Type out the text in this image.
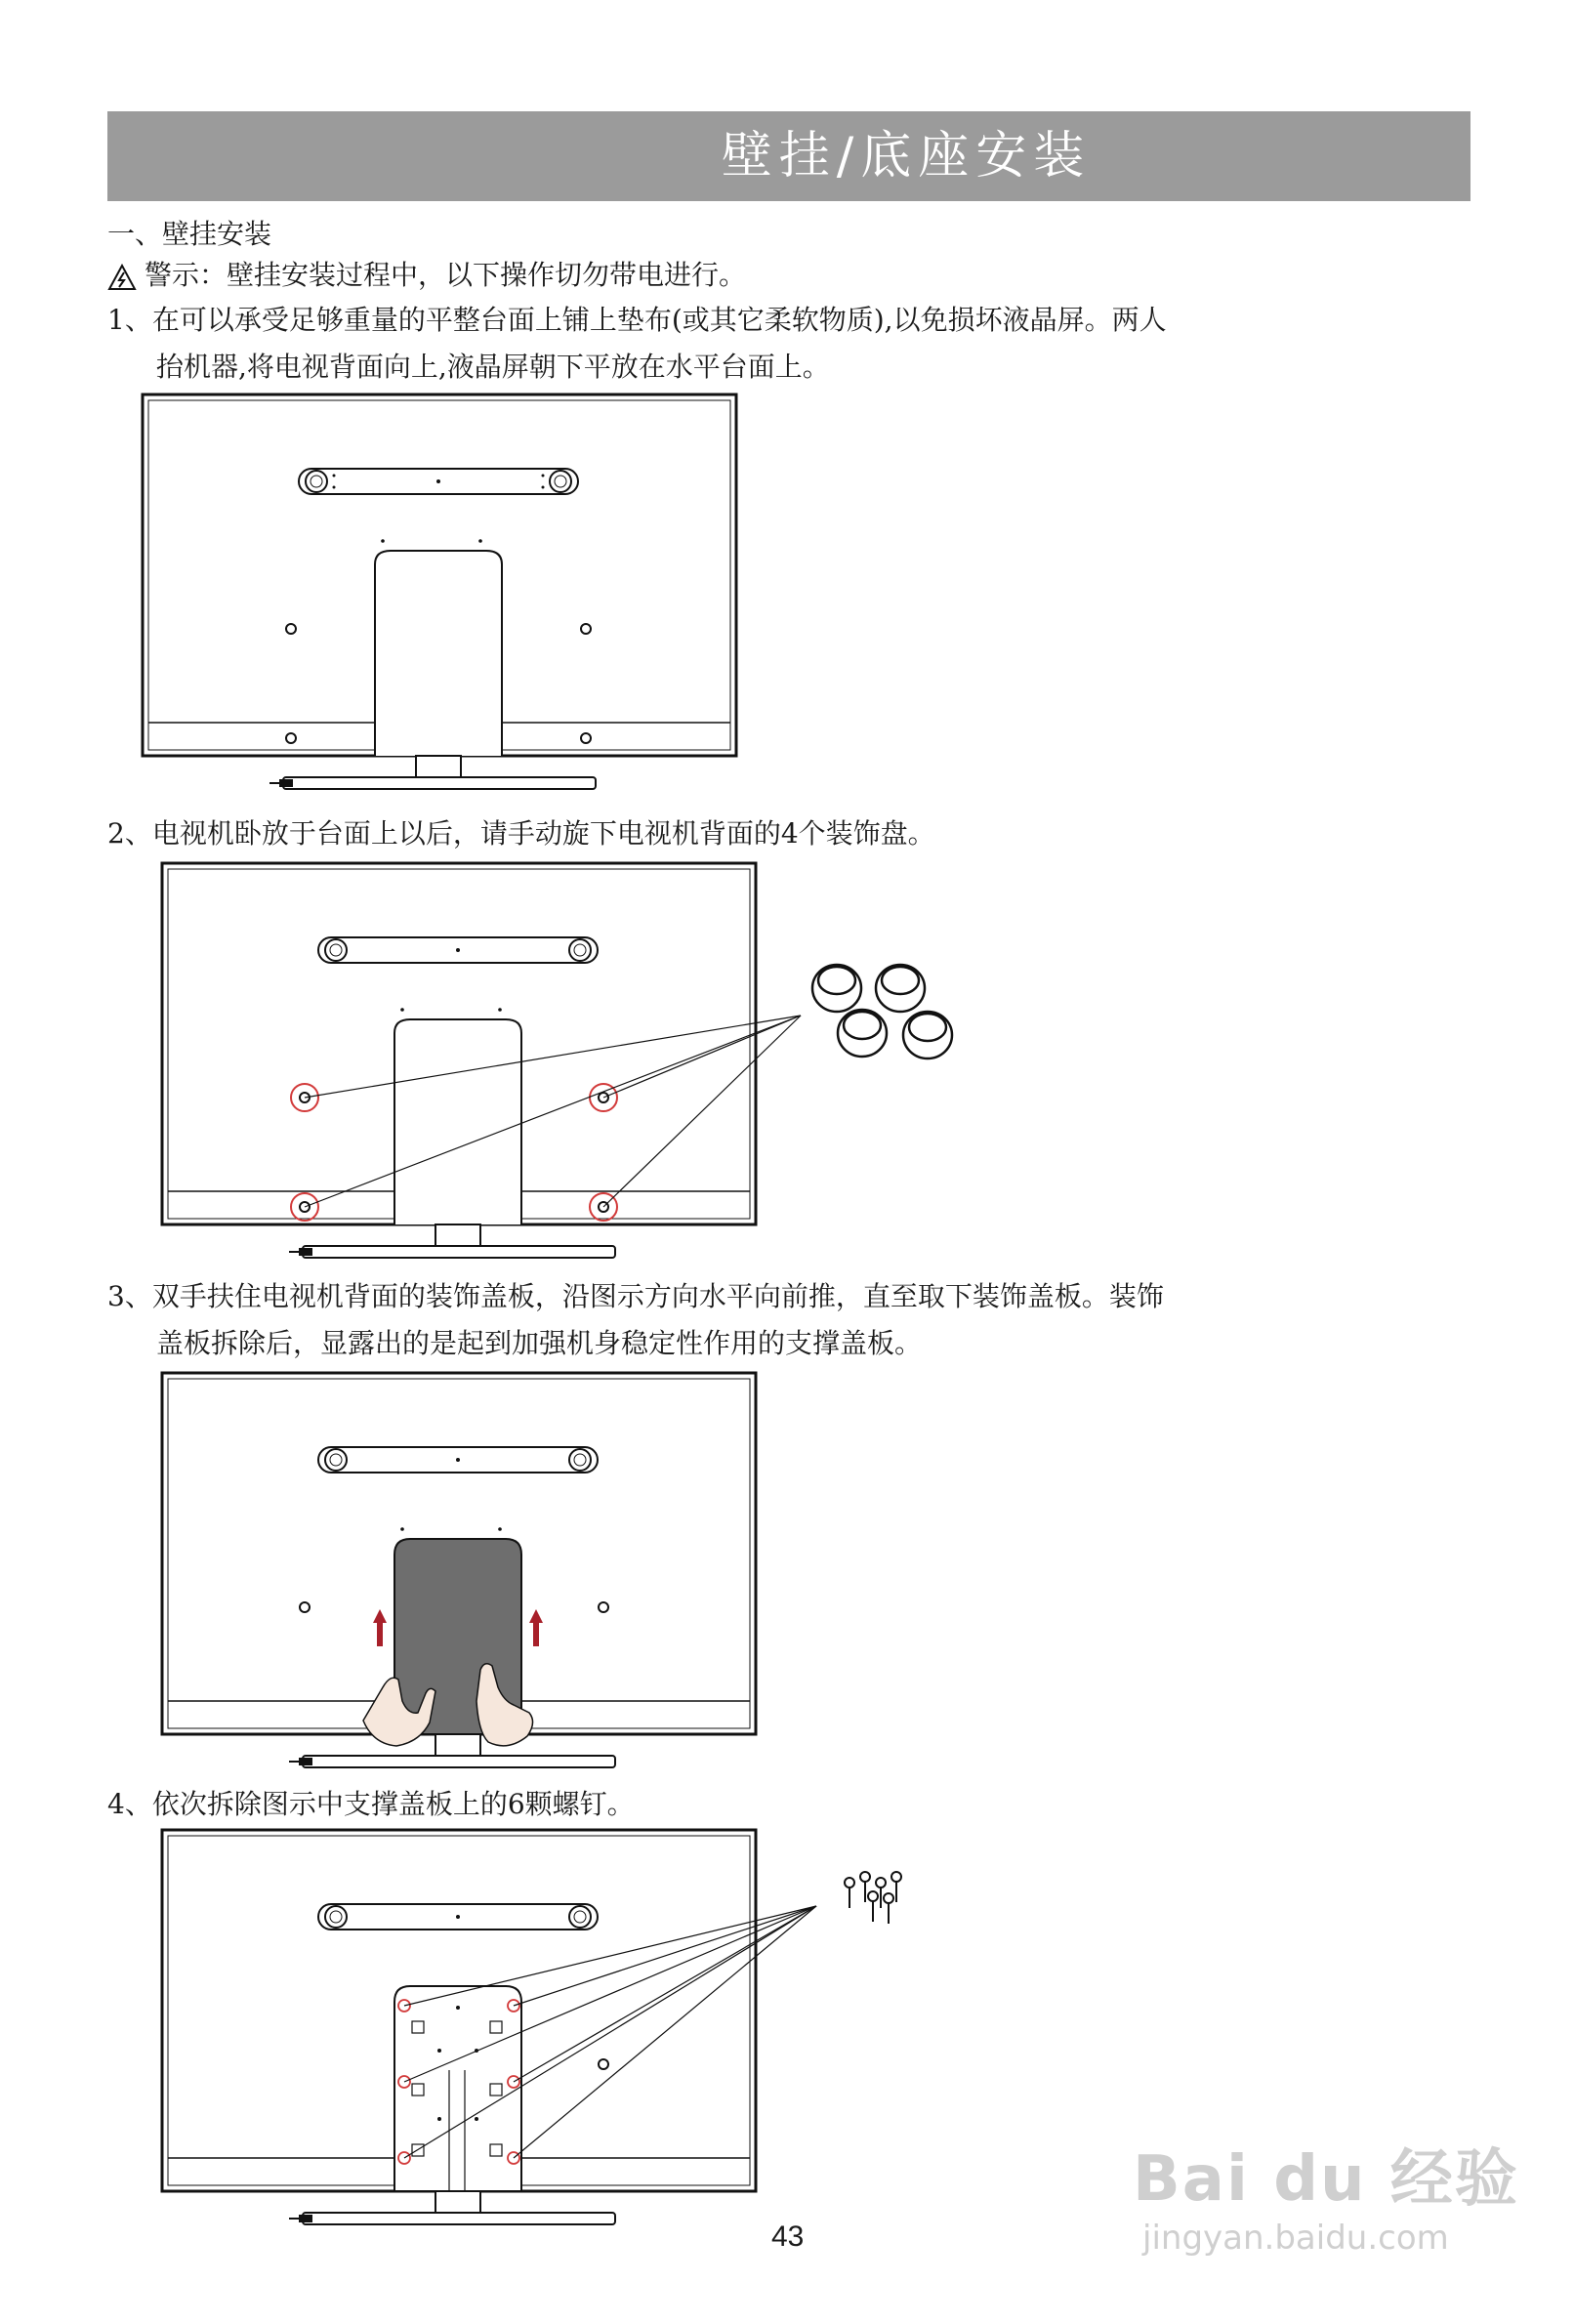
壁挂/底座安装
一、壁挂安装
警示：壁挂安装过程中，以下操作切勿带电进行。
1、在可以承受足够重量的平整台面上铺上垫布(或其它柔软物质),以免损坏液晶屏。两人
抬机器,将电视背面向上,液晶屏朝下平放在水平台面上。
2、电视机卧放于台面上以后，请手动旋下电视机背面的4个装饰盘。
3、双手扶住电视机背面的装饰盖板，沿图示方向水平向前推，直至取下装饰盖板。装饰
盖板拆除后，显露出的是起到加强机身稳定性作用的支撑盖板。
4、依次拆除图示中支撑盖板上的6颗螺钉。
43
Bai du 经验
jingyan.baidu.com
